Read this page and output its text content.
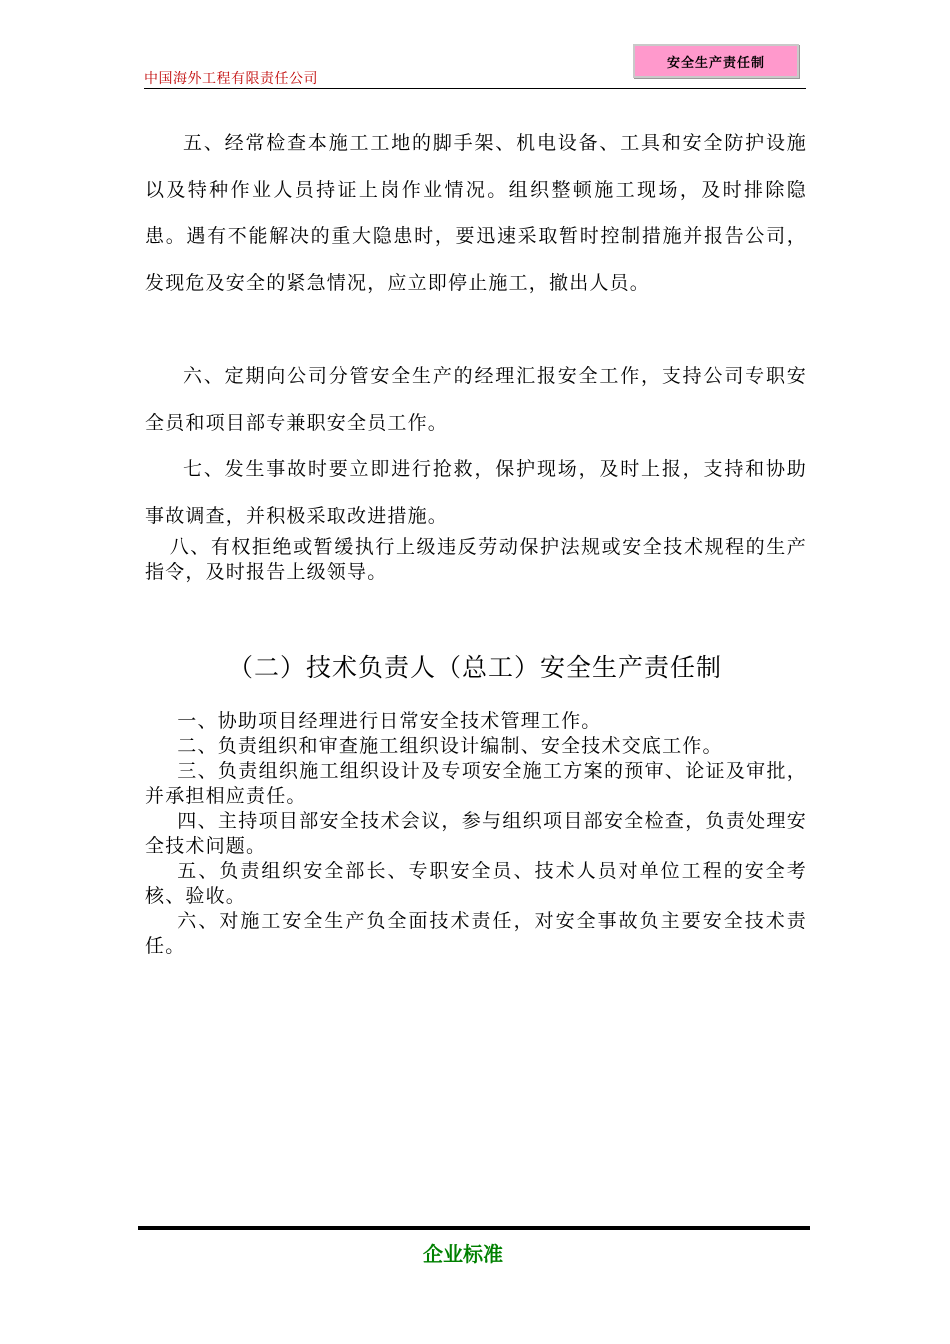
中国海外工程有限责任公司
安全生产责任制

五、经常检查本施工工地的脚手架、机电设备、工具和安全防护设施以及特种作业人员持证上岗作业情况。组织整顿施工现场，及时排除隐患。遇有不能解决的重大隐患时，要迅速采取暂时控制措施并报告公司，发现危及安全的紧急情况，应立即停止施工，撤出人员。

六、定期向公司分管安全生产的经理汇报安全工作，支持公司专职安全员和项目部专兼职安全员工作。

七、发生事故时要立即进行抢救，保护现场，及时上报，支持和协助事故调查，并积极采取改进措施。

八、有权拒绝或暂缓执行上级违反劳动保护法规或安全技术规程的生产指令，及时报告上级领导。

（二）技术负责人（总工）安全生产责任制

一、协助项目经理进行日常安全技术管理工作。

二、负责组织和审查施工组织设计编制、安全技术交底工作。

三、负责组织施工组织设计及专项安全施工方案的预审、论证及审批，并承担相应责任。

四、主持项目部安全技术会议，参与组织项目部安全检查，负责处理安全技术问题。

五、负责组织安全部长、专职安全员、技术人员对单位工程的安全考核、验收。

六、对施工安全生产负全面技术责任，对安全事故负主要安全技术责任。

企业标准
